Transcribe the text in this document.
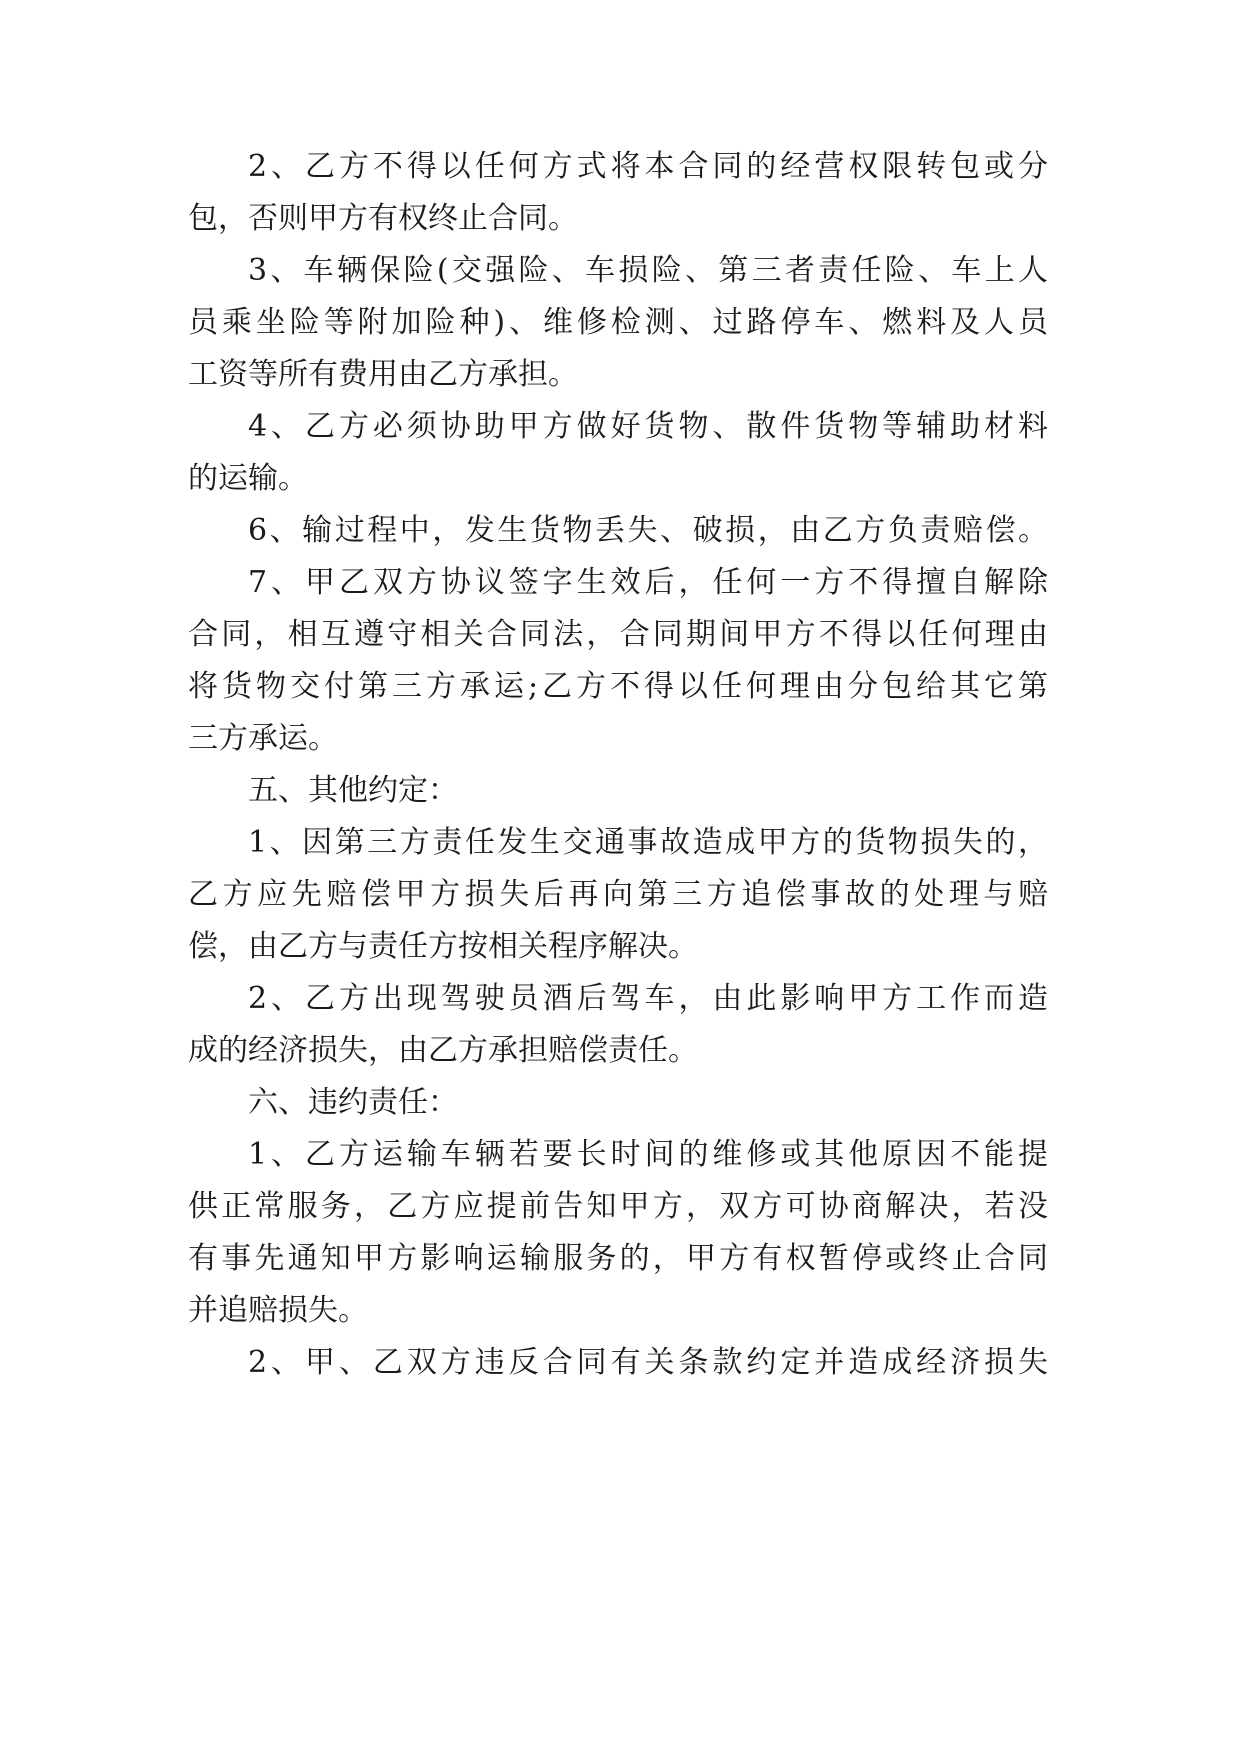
2、乙方不得以任何方式将本合同的经营权限转包或分
包，否则甲方有权终止合同。
3、车辆保险(交强险、车损险、第三者责任险、车上人
员乘坐险等附加险种)、维修检测、过路停车、燃料及人员
工资等所有费用由乙方承担。
4、乙方必须协助甲方做好货物、散件货物等辅助材料
的运输。
6、输过程中，发生货物丢失、破损，由乙方负责赔偿。
7、甲乙双方协议签字生效后，任何一方不得擅自解除
合同，相互遵守相关合同法，合同期间甲方不得以任何理由
将货物交付第三方承运;乙方不得以任何理由分包给其它第
三方承运。
五、其他约定：
1、因第三方责任发生交通事故造成甲方的货物损失的，
乙方应先赔偿甲方损失后再向第三方追偿事故的处理与赔
偿，由乙方与责任方按相关程序解决。
2、乙方出现驾驶员酒后驾车，由此影响甲方工作而造
成的经济损失，由乙方承担赔偿责任。
六、违约责任：
1、乙方运输车辆若要长时间的维修或其他原因不能提
供正常服务，乙方应提前告知甲方，双方可协商解决，若没
有事先通知甲方影响运输服务的，甲方有权暂停或终止合同
并追赔损失。
2、甲、乙双方违反合同有关条款约定并造成经济损失
